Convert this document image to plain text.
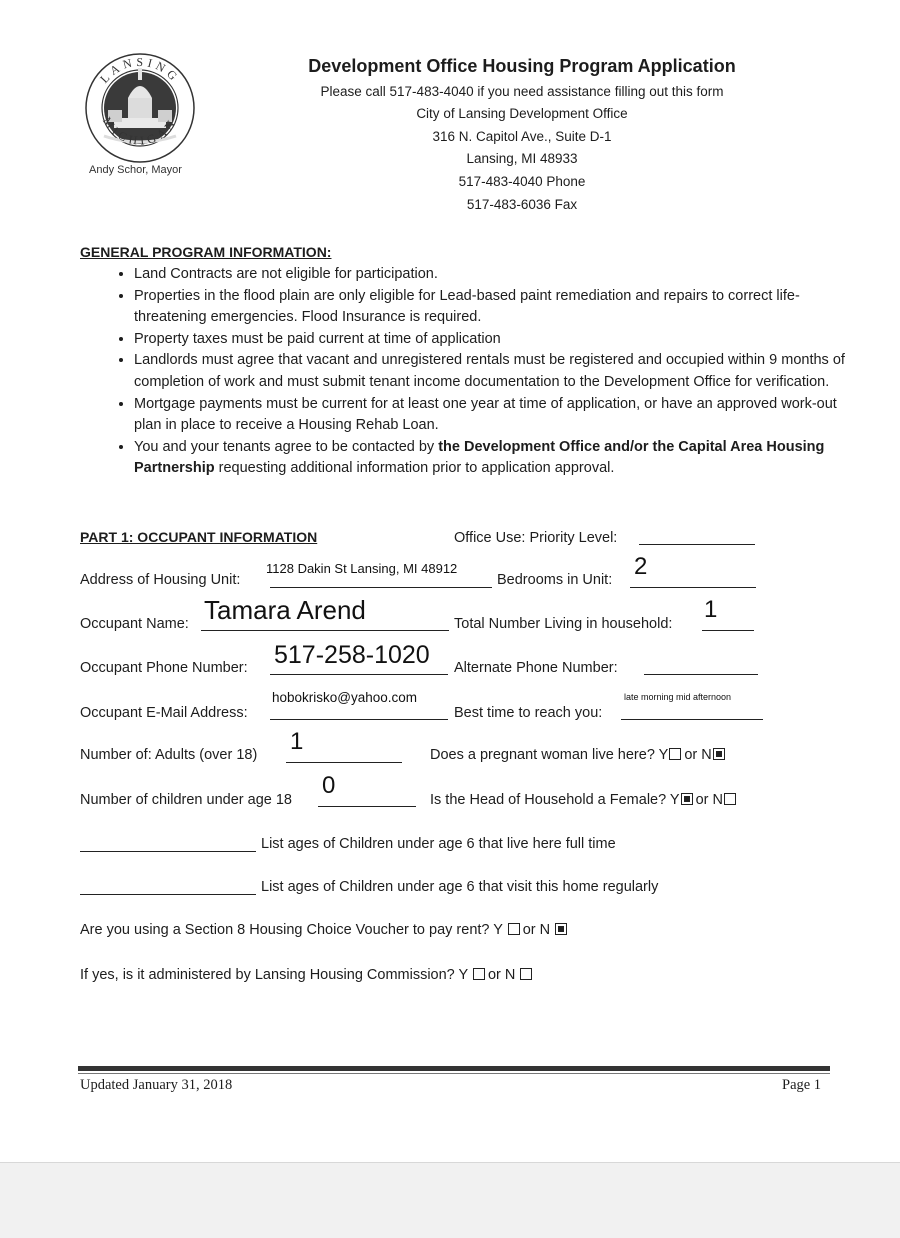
LANSING
MICHIGAN
Andy Schor, Mayor
Development Office Housing Program Application
Please call 517-483-4040 if you need assistance filling out this form
City of Lansing Development Office
316 N. Capitol Ave., Suite D-1
Lansing, MI 48933
517-483-4040 Phone
517-483-6036 Fax
GENERAL PROGRAM INFORMATION:
• Land Contracts are not eligible for participation.
• Properties in the flood plain are only eligible for Lead-based paint remediation and repairs to correct life-threatening emergencies. Flood Insurance is required.
• Property taxes must be paid current at time of application
• Landlords must agree that vacant and unregistered rentals must be registered and occupied within 9 months of completion of work and must submit tenant income documentation to the Development Office for verification.
• Mortgage payments must be current for at least one year at time of application, or have an approved work-out plan in place to receive a Housing Rehab Loan.
• You and your tenants agree to be contacted by the Development Office and/or the Capital Area Housing Partnership requesting additional information prior to application approval.
PART 1: OCCUPANT INFORMATION	Office Use: Priority Level:
Address of Housing Unit:
1128 Dakin St Lansing, MI 48912
Bedrooms in Unit: 2
Occupant Name: Tamara Arend	Total Number Living in household:
1
Occupant Phone Number: 517-258-1020 Alternate Phone Number:
Occupant E-Mail Address:
hobokrisko@yahoo.com
Best time to reach you:
late morning mid afternoon
Number of: Adults (over 18) 1	Does a pregnant woman live here? Y or N
Number of children under age 18
0
Is the Head of Household a Female? Y or N
List ages of Children under age 6 that live here full time
List ages of Children under age 6 that visit this home regularly
Are you using a Section 8 Housing Choice Voucher to pay rent? Y or N
If yes, is it administered by Lansing Housing Commission? Y or N
Updated January 31, 2018	Page 1
